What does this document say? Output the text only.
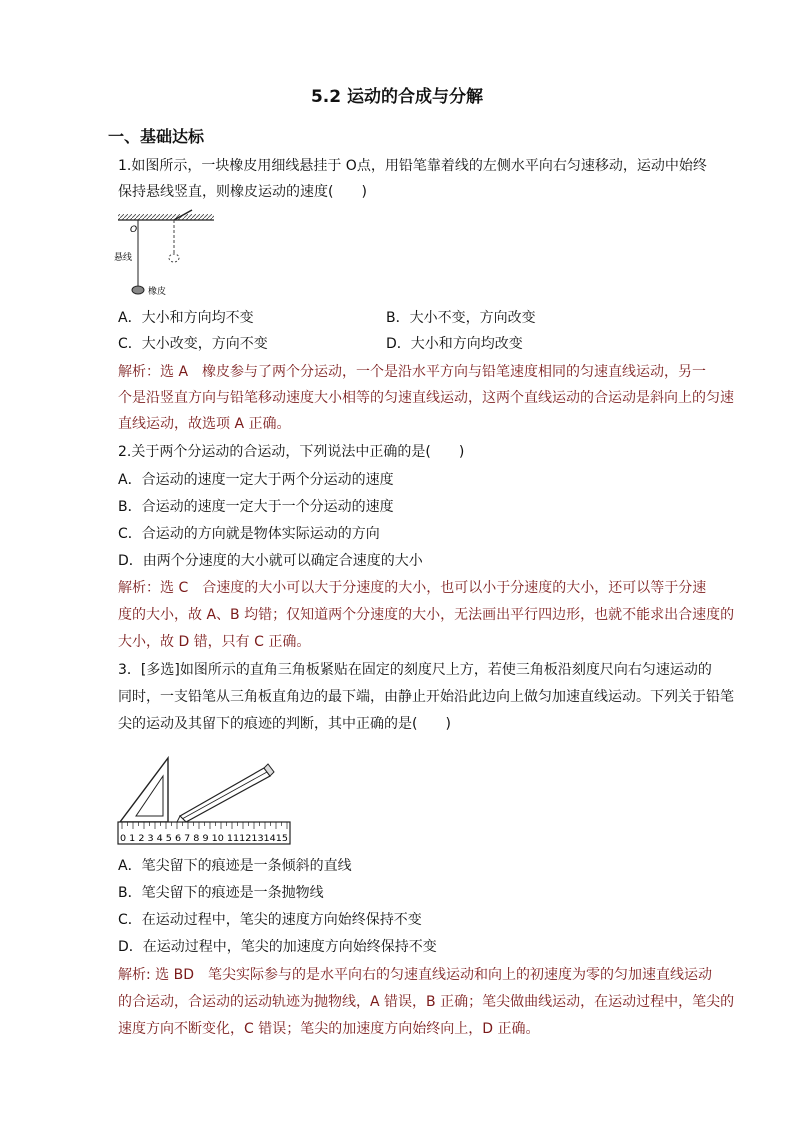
5.2 运动的合成与分解
一、基础达标
1.如图所示，一块橡皮用细线悬挂于 O点，用铅笔靠着线的左侧水平向右匀速移动，运动中始终
保持悬线竖直，则橡皮运动的速度(　　)
O
悬线
橡皮
A．大小和方向均不变	B．大小不变，方向改变
C．大小改变，方向不变	D．大小和方向均改变
解析：选 A　橡皮参与了两个分运动，一个是沿水平方向与铅笔速度相同的匀速直线运动，另一
个是沿竖直方向与铅笔移动速度大小相等的匀速直线运动，这两个直线运动的合运动是斜向上的匀速
直线运动，故选项 A 正确。
2.关于两个分运动的合运动，下列说法中正确的是(　　)
A．合运动的速度一定大于两个分运动的速度
B．合运动的速度一定大于一个分运动的速度
C．合运动的方向就是物体实际运动的方向
D．由两个分速度的大小就可以确定合速度的大小
解析：选 C　合速度的大小可以大于分速度的大小，也可以小于分速度的大小，还可以等于分速
度的大小，故 A、B 均错；仅知道两个分速度的大小，无法画出平行四边形，也就不能求出合速度的
大小，故 D 错，只有 C 正确。
3．[多选]如图所示的直角三角板紧贴在固定的刻度尺上方，若使三角板沿刻度尺向右匀速运动的
同时，一支铅笔从三角板直角边的最下端，由静止开始沿此边向上做匀加速直线运动。下列关于铅笔
尖的运动及其留下的痕迹的判断，其中正确的是(　　)
0 1 2 3 4 5 6 7 8 9 10 1112131415
A．笔尖留下的痕迹是一条倾斜的直线
B．笔尖留下的痕迹是一条抛物线
C．在运动过程中，笔尖的速度方向始终保持不变
D．在运动过程中，笔尖的加速度方向始终保持不变
解析: 选 BD　笔尖实际参与的是水平向右的匀速直线运动和向上的初速度为零的匀加速直线运动
的合运动，合运动的运动轨迹为抛物线，A 错误，B 正确；笔尖做曲线运动，在运动过程中，笔尖的
速度方向不断变化，C 错误；笔尖的加速度方向始终向上，D 正确。
